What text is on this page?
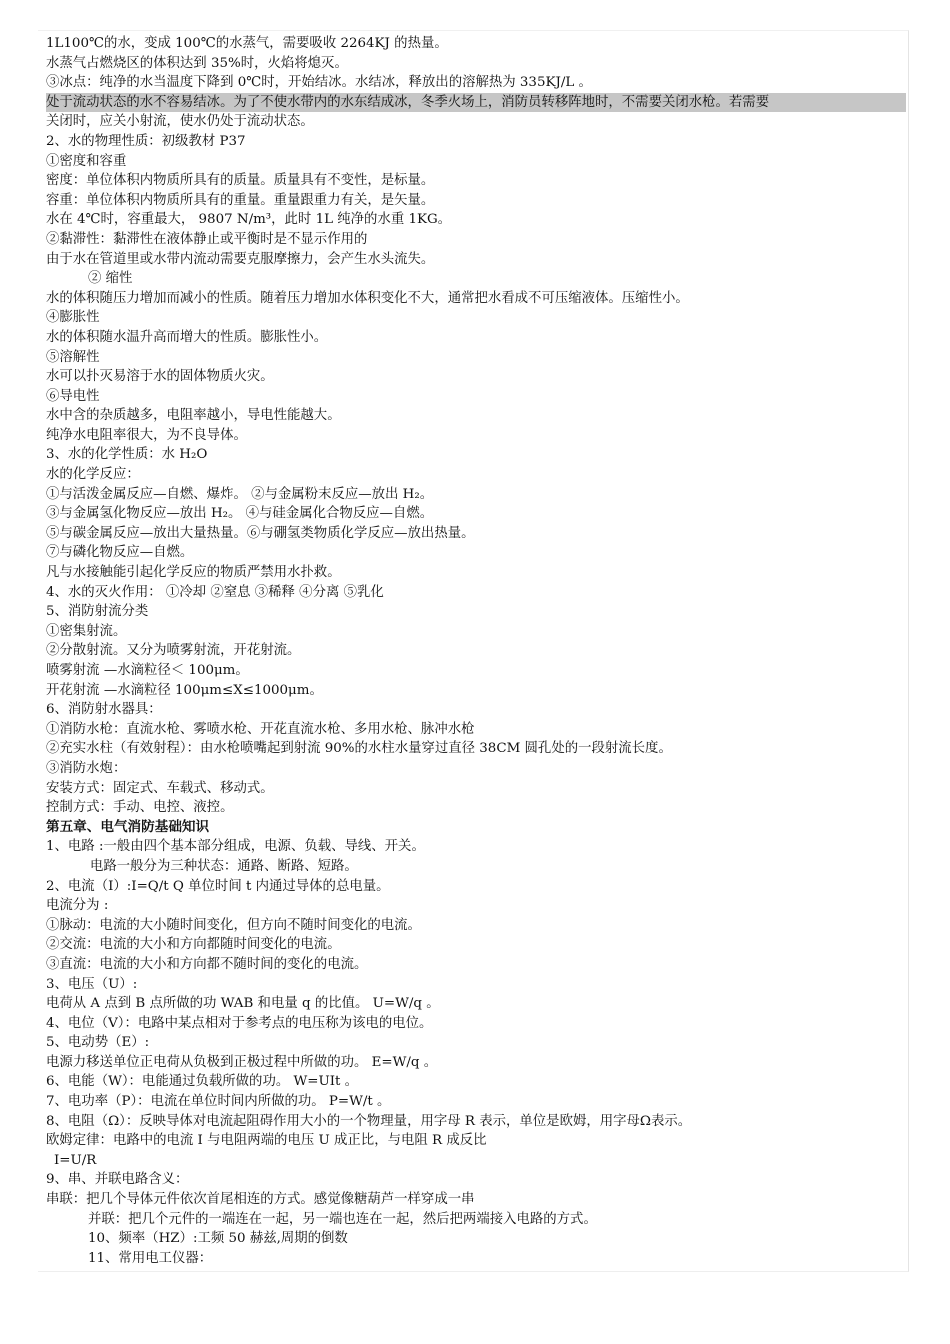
1L100℃的水，变成 100℃的水蒸气，需要吸收 2264KJ 的热量。
水蒸气占燃烧区的体积达到 35%时，火焰将熄灭。
③冰点：纯净的水当温度下降到 0℃时，开始结冰。水结冰，释放出的溶解热为 335KJ/L 。
处于流动状态的水不容易结冰。为了不使水带内的水东结成冰，冬季火场上，消防员转移阵地时，不需要关闭水枪。若需要
关闭时，应关小射流，使水仍处于流动状态。
2、水的物理性质：初级教材 P37
①密度和容重
密度：单位体积内物质所具有的质量。质量具有不变性，是标量。
容重：单位体积内物质所具有的重量。重量跟重力有关，是矢量。
水在 4℃时，容重最大， 9807 N/m³，此时 1L 纯净的水重 1KG。
②黏滞性：黏滞性在液体静止或平衡时是不显示作用的
由于水在管道里或水带内流动需要克服摩擦力，会产生水头流失。
② 缩性
水的体积随压力增加而减小的性质。随着压力增加水体积变化不大，通常把水看成不可压缩液体。压缩性小。
④膨胀性
水的体积随水温升高而增大的性质。膨胀性小。
⑤溶解性
水可以扑灭易溶于水的固体物质火灾。
⑥导电性
水中含的杂质越多，电阻率越小，导电性能越大。
纯净水电阻率很大，为不良导体。
3、水的化学性质：水 H₂O
水的化学反应：
①与活泼金属反应—自燃、爆炸。 ②与金属粉末反应—放出 H₂。
③与金属氢化物反应—放出 H₂。 ④与硅金属化合物反应—自燃。
⑤与碳金属反应—放出大量热量。⑥与硼氢类物质化学反应—放出热量。
⑦与磷化物反应—自燃。
凡与水接触能引起化学反应的物质严禁用水扑救。
4、水的灭火作用： ①冷却 ②窒息 ③稀释 ④分离 ⑤乳化
5、消防射流分类
①密集射流。
②分散射流。又分为喷雾射流，开花射流。
喷雾射流 —水滴粒径＜ 100μm。
开花射流 —水滴粒径 100μm≤X≤1000μm。
6、消防射水器具：
①消防水枪：直流水枪、雾喷水枪、开花直流水枪、多用水枪、脉冲水枪
②充实水柱（有效射程）：由水枪喷嘴起到射流 90%的水柱水量穿过直径 38CM 圆孔处的一段射流长度。
③消防水炮：
安装方式：固定式、车载式、移动式。
控制方式：手动、电控、液控。
第五章、电气消防基础知识
1、电路 :一般由四个基本部分组成，电源、负载、导线、开关。
电路一般分为三种状态：通路、断路、短路。
2、电流（I）:I=Q/t Q 单位时间 t 内通过导体的总电量。
电流分为 :
①脉动：电流的大小随时间变化，但方向不随时间变化的电流。
②交流：电流的大小和方向都随时间变化的电流。
③直流：电流的大小和方向都不随时间的变化的电流。
3、电压（U）:
电荷从 A 点到 B 点所做的功 WAB 和电量 q 的比值。 U=W/q 。
4、电位（V）：电路中某点相对于参考点的电压称为该电的电位。
5、电动势（E）:
电源力移送单位正电荷从负极到正极过程中所做的功。 E=W/q 。
6、电能（W）：电能通过负载所做的功。 W=UIt 。
7、电功率（P）：电流在单位时间内所做的功。 P=W/t 。
8、电阻（Ω）：反映导体对电流起阻碍作用大小的一个物理量，用字母 R 表示，单位是欧姆，用字母Ω表示。
欧姆定律：电路中的电流 I 与电阻两端的电压 U 成正比，与电阻 R 成反比
I=U/R
9、串、并联电路含义：
串联：把几个导体元件依次首尾相连的方式。感觉像糖葫芦一样穿成一串
并联：把几个元件的一端连在一起，另一端也连在一起，然后把两端接入电路的方式。
10、频率（HZ）:工频 50 赫兹,周期的倒数
11、常用电工仪器：
